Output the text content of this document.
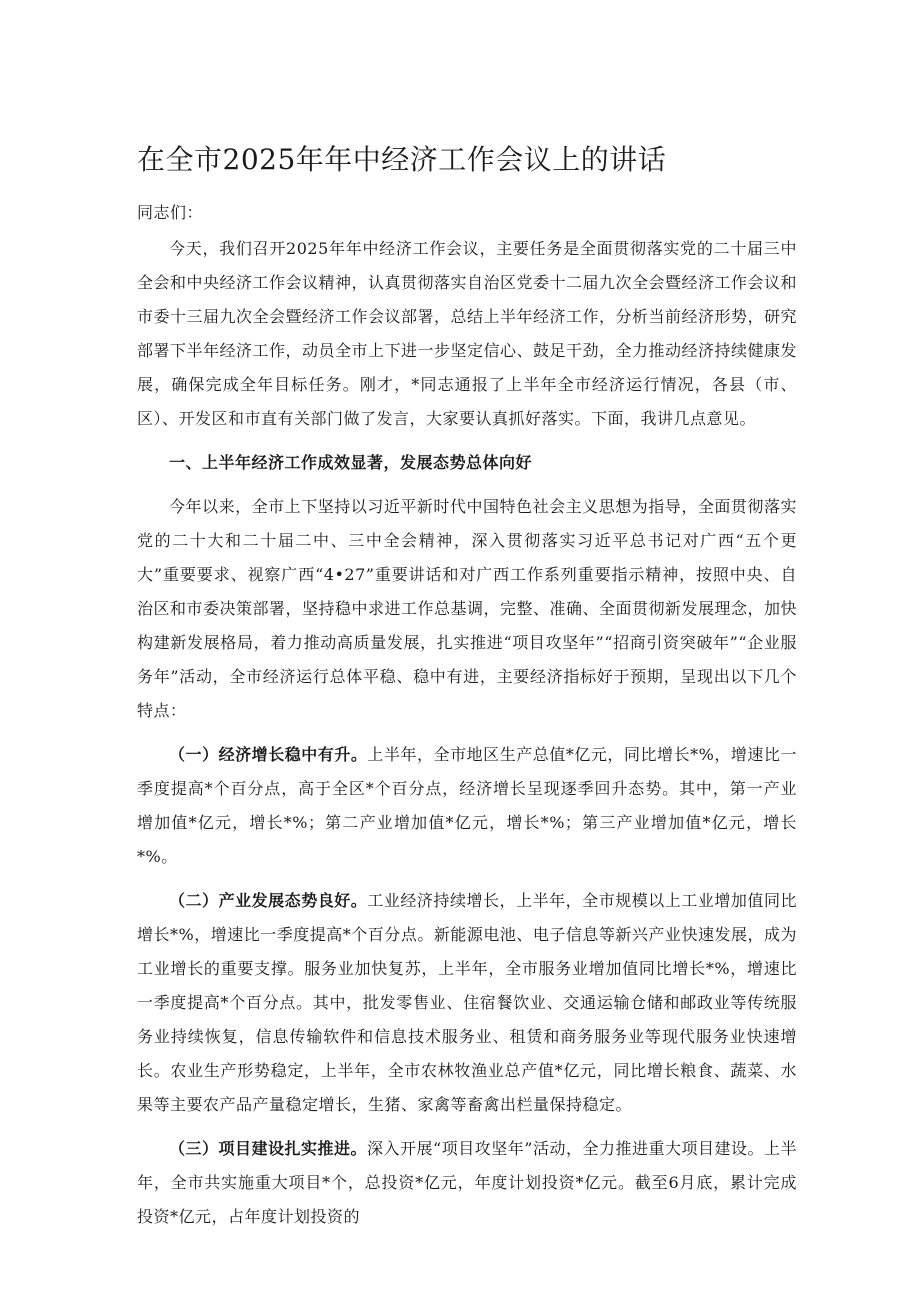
在全市2025年年中经济工作会议上的讲话

同志们：

今天，我们召开2025年年中经济工作会议，主要任务是全面贯彻落实党的二十届三中全会和中央经济工作会议精神，认真贯彻落实自治区党委十二届九次全会暨经济工作会议和市委十三届九次全会暨经济工作会议部署，总结上半年经济工作，分析当前经济形势，研究部署下半年经济工作，动员全市上下进一步坚定信心、鼓足干劲，全力推动经济持续健康发展，确保完成全年目标任务。刚才，*同志通报了上半年全市经济运行情况，各县（市、区）、开发区和市直有关部门做了发言，大家要认真抓好落实。下面，我讲几点意见。

一、上半年经济工作成效显著，发展态势总体向好

今年以来，全市上下坚持以习近平新时代中国特色社会主义思想为指导，全面贯彻落实党的二十大和二十届二中、三中全会精神，深入贯彻落实习近平总书记对广西“五个更大”重要要求、视察广西“4•27”重要讲话和对广西工作系列重要指示精神，按照中央、自治区和市委决策部署，坚持稳中求进工作总基调，完整、准确、全面贯彻新发展理念，加快构建新发展格局，着力推动高质量发展，扎实推进“项目攻坚年”“招商引资突破年”“企业服务年”活动，全市经济运行总体平稳、稳中有进，主要经济指标好于预期，呈现出以下几个特点：

（一）经济增长稳中有升。上半年，全市地区生产总值*亿元，同比增长*%，增速比一季度提高*个百分点，高于全区*个百分点，经济增长呈现逐季回升态势。其中，第一产业增加值*亿元，增长*%；第二产业增加值*亿元，增长*%；第三产业增加值*亿元，增长*%。

（二）产业发展态势良好。工业经济持续增长，上半年，全市规模以上工业增加值同比增长*%，增速比一季度提高*个百分点。新能源电池、电子信息等新兴产业快速发展，成为工业增长的重要支撑。服务业加快复苏，上半年，全市服务业增加值同比增长*%，增速比一季度提高*个百分点。其中，批发零售业、住宿餐饮业、交通运输仓储和邮政业等传统服务业持续恢复，信息传输软件和信息技术服务业、租赁和商务服务业等现代服务业快速增长。农业生产形势稳定，上半年，全市农林牧渔业总产值*亿元，同比增长粮食、蔬菜、水果等主要农产品产量稳定增长，生猪、家禽等畜禽出栏量保持稳定。

（三）项目建设扎实推进。深入开展“项目攻坚年”活动，全力推进重大项目建设。上半年，全市共实施重大项目*个，总投资*亿元，年度计划投资*亿元。截至6月底，累计完成投资*亿元，占年度计划投资的
